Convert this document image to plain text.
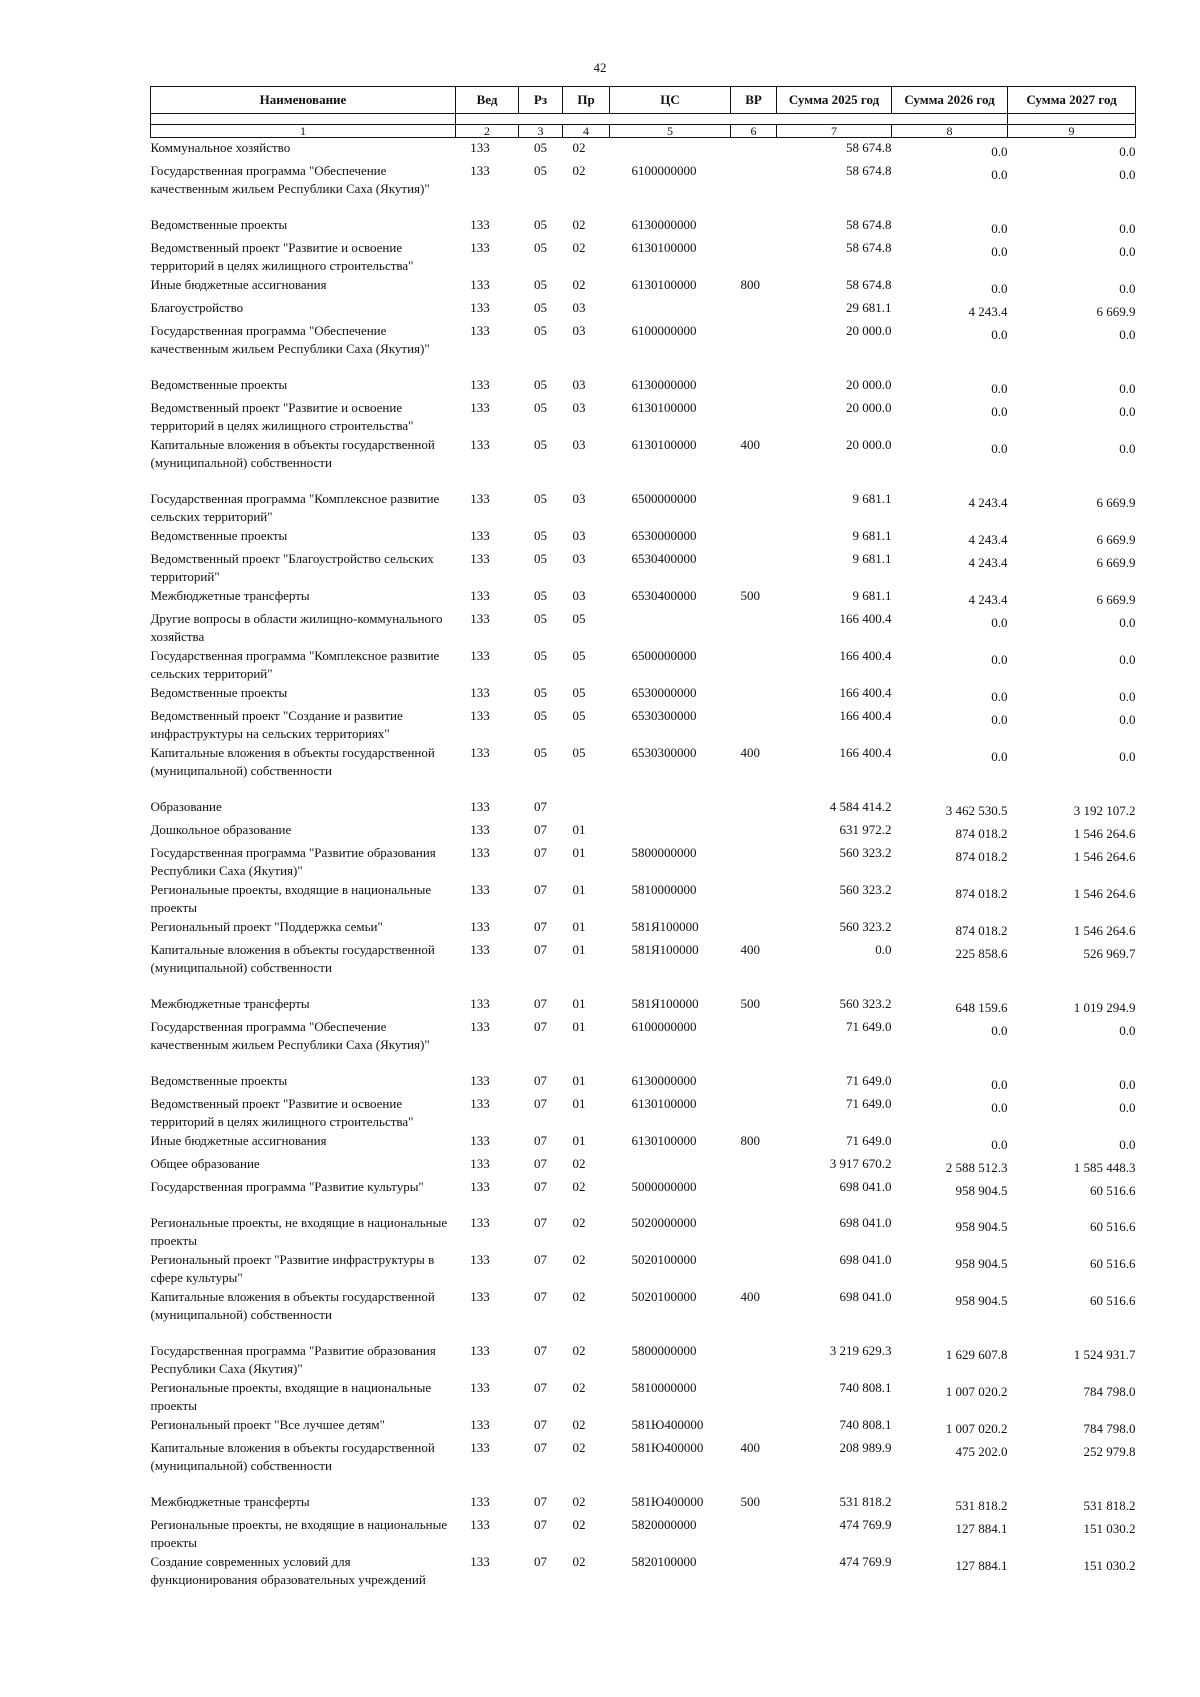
42
Наименование	Вед	Рз	Пр	ЦС	ВР	Сумма 2025 год	Сумма 2026 год	Сумма 2027 год

1	2	3	4	5	6	7	8	9
Коммунальное хозяйство	133	05	02			58 674.8	0.0	0.0
Государственная программа "Обеспечение качественным жильем Республики Саха (Якутия)"	133	05	02	6100000000		58 674.8	0.0	0.0
Ведомственные проекты	133	05	02	6130000000		58 674.8	0.0	0.0
Ведомственный проект "Развитие и освоение территорий в целях жилищного строительства"	133	05	02	6130100000		58 674.8	0.0	0.0
Иные бюджетные ассигнования	133	05	02	6130100000	800	58 674.8	0.0	0.0
Благоустройство	133	05	03			29 681.1	4 243.4	6 669.9
Государственная программа "Обеспечение качественным жильем Республики Саха (Якутия)"	133	05	03	6100000000		20 000.0	0.0	0.0
Ведомственные проекты	133	05	03	6130000000		20 000.0	0.0	0.0
Ведомственный проект "Развитие и освоение территорий в целях жилищного строительства"	133	05	03	6130100000		20 000.0	0.0	0.0
Капитальные вложения в объекты государственной (муниципальной) собственности	133	05	03	6130100000	400	20 000.0	0.0	0.0
Государственная программа "Комплексное развитие сельских территорий"	133	05	03	6500000000		9 681.1	4 243.4	6 669.9
Ведомственные проекты	133	05	03	6530000000		9 681.1	4 243.4	6 669.9
Ведомственный проект "Благоустройство сельских территорий"	133	05	03	6530400000		9 681.1	4 243.4	6 669.9
Межбюджетные трансферты	133	05	03	6530400000	500	9 681.1	4 243.4	6 669.9
Другие вопросы в области жилищно-коммунального хозяйства	133	05	05			166 400.4	0.0	0.0
Государственная программа "Комплексное развитие сельских территорий"	133	05	05	6500000000		166 400.4	0.0	0.0
Ведомственные проекты	133	05	05	6530000000		166 400.4	0.0	0.0
Ведомственный проект "Создание и развитие инфраструктуры на сельских территориях"	133	05	05	6530300000		166 400.4	0.0	0.0
Капитальные вложения в объекты государственной (муниципальной) собственности	133	05	05	6530300000	400	166 400.4	0.0	0.0
Образование	133	07				4 584 414.2	3 462 530.5	3 192 107.2
Дошкольное образование	133	07	01			631 972.2	874 018.2	1 546 264.6
Государственная программа "Развитие образования Республики Саха (Якутия)"	133	07	01	5800000000		560 323.2	874 018.2	1 546 264.6
Региональные проекты, входящие в национальные проекты	133	07	01	5810000000		560 323.2	874 018.2	1 546 264.6
Региональный проект "Поддержка семьи"	133	07	01	581Я100000		560 323.2	874 018.2	1 546 264.6
Капитальные вложения в объекты государственной (муниципальной) собственности	133	07	01	581Я100000	400	0.0	225 858.6	526 969.7
Межбюджетные трансферты	133	07	01	581Я100000	500	560 323.2	648 159.6	1 019 294.9
Государственная программа "Обеспечение качественным жильем Республики Саха (Якутия)"	133	07	01	6100000000		71 649.0	0.0	0.0
Ведомственные проекты	133	07	01	6130000000		71 649.0	0.0	0.0
Ведомственный проект "Развитие и освоение территорий в целях жилищного строительства"	133	07	01	6130100000		71 649.0	0.0	0.0
Иные бюджетные ассигнования	133	07	01	6130100000	800	71 649.0	0.0	0.0
Общее образование	133	07	02			3 917 670.2	2 588 512.3	1 585 448.3
Государственная программа "Развитие культуры"	133	07	02	5000000000		698 041.0	958 904.5	60 516.6
Региональные проекты, не входящие в национальные проекты	133	07	02	5020000000		698 041.0	958 904.5	60 516.6
Региональный проект "Развитие инфраструктуры в сфере культуры"	133	07	02	5020100000		698 041.0	958 904.5	60 516.6
Капитальные вложения в объекты государственной (муниципальной) собственности	133	07	02	5020100000	400	698 041.0	958 904.5	60 516.6
Государственная программа "Развитие образования Республики Саха (Якутия)"	133	07	02	5800000000		3 219 629.3	1 629 607.8	1 524 931.7
Региональные проекты, входящие в национальные проекты	133	07	02	5810000000		740 808.1	1 007 020.2	784 798.0
Региональный проект "Все лучшее детям"	133	07	02	581Ю400000		740 808.1	1 007 020.2	784 798.0
Капитальные вложения в объекты государственной (муниципальной) собственности	133	07	02	581Ю400000	400	208 989.9	475 202.0	252 979.8
Межбюджетные трансферты	133	07	02	581Ю400000	500	531 818.2	531 818.2	531 818.2
Региональные проекты, не входящие в национальные проекты	133	07	02	5820000000		474 769.9	127 884.1	151 030.2
Создание современных условий для функционирования образовательных учреждений	133	07	02	5820100000		474 769.9	127 884.1	151 030.2
